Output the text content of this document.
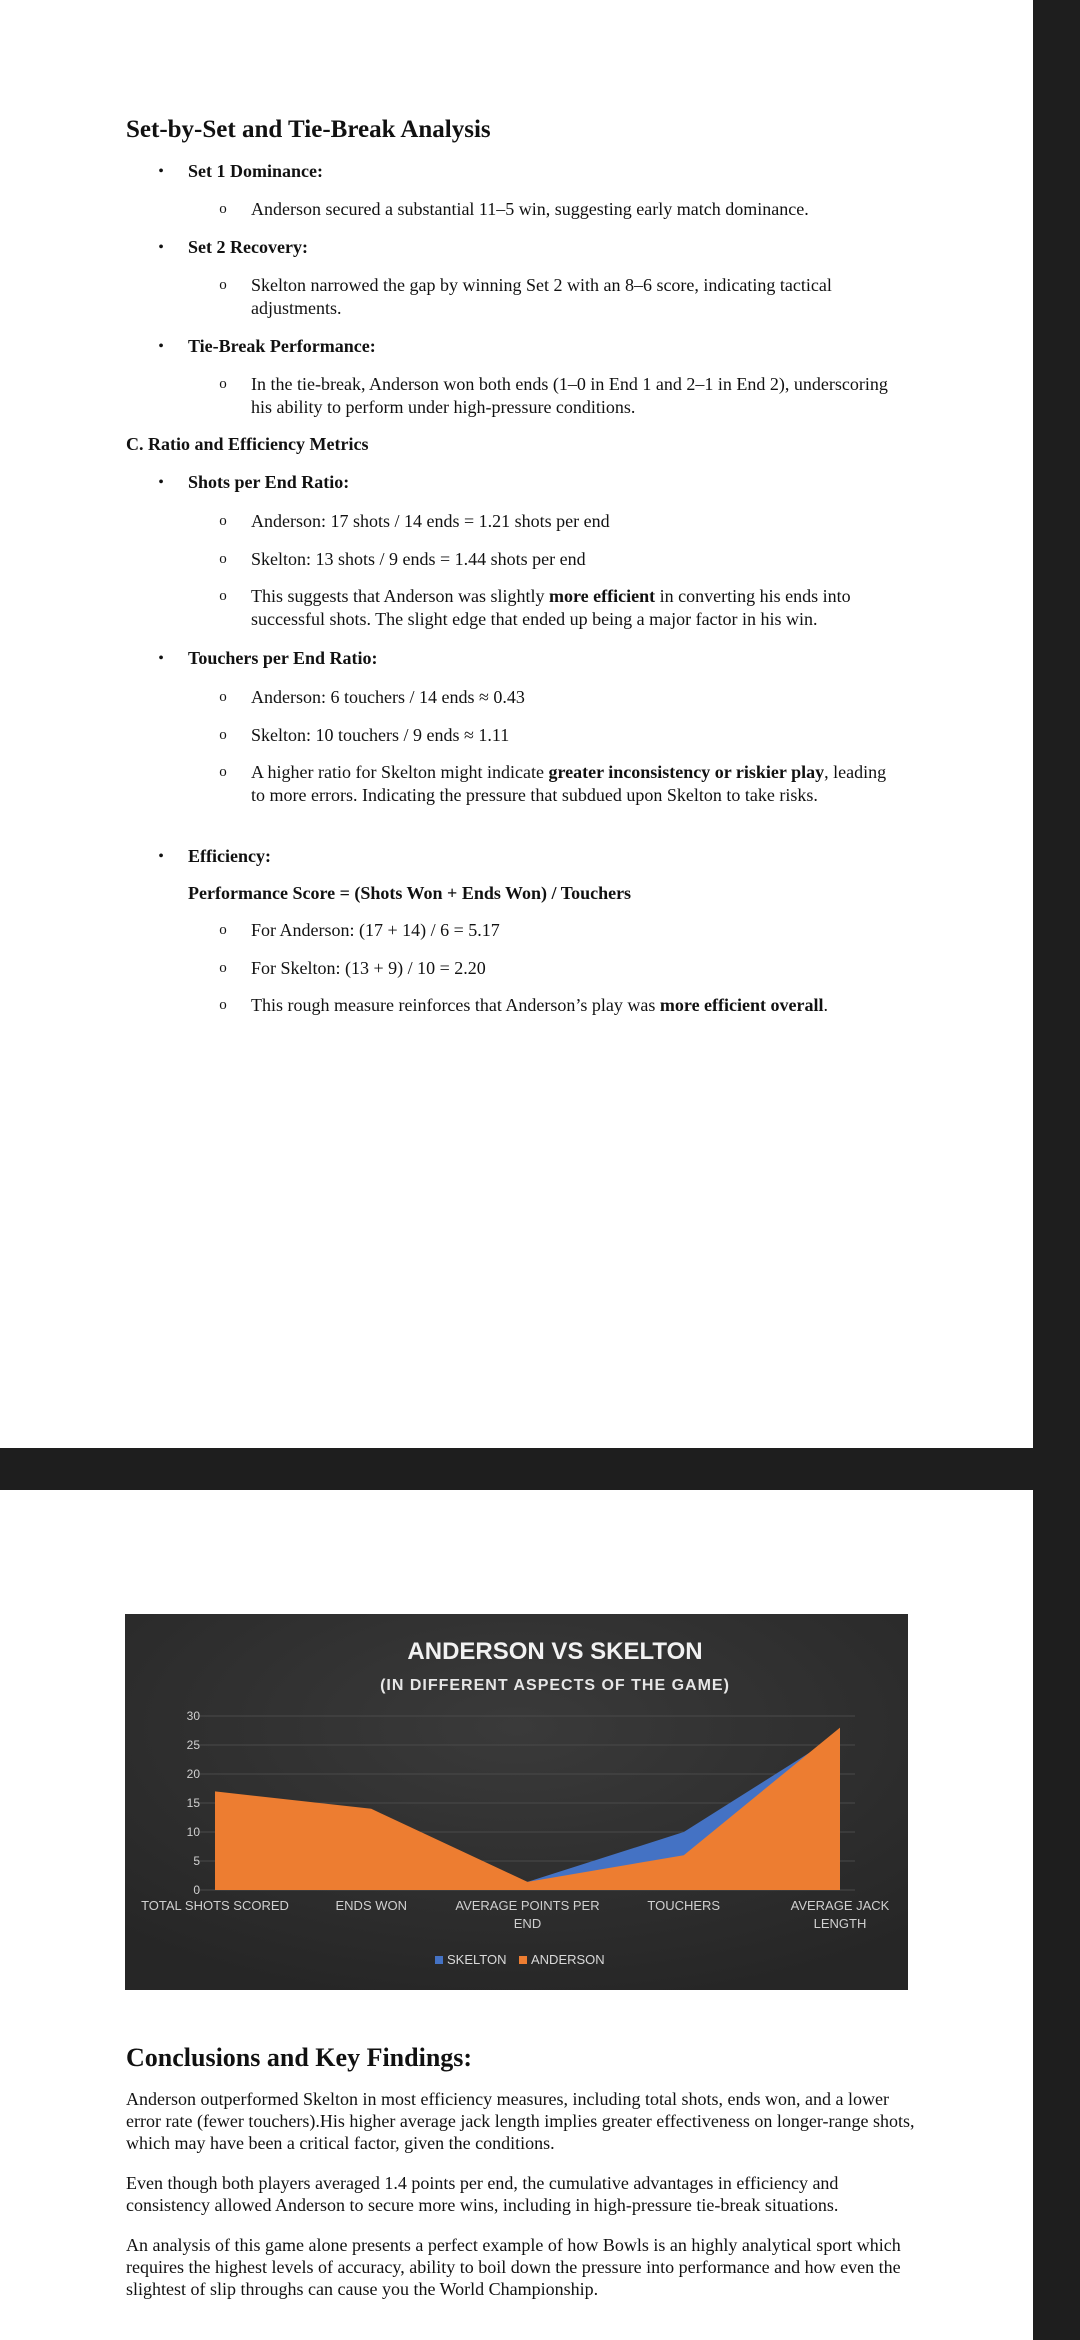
Set-by-Set and Tie-Break Analysis
• Set 1 Dominance:
o Anderson secured a substantial 11–5 win, suggesting early match dominance.
• Set 2 Recovery:
o Skelton narrowed the gap by winning Set 2 with an 8–6 score, indicating tactical adjustments.
• Tie-Break Performance:
o In the tie-break, Anderson won both ends (1–0 in End 1 and 2–1 in End 2), underscoring his ability to perform under high-pressure conditions.
C. Ratio and Efficiency Metrics
• Shots per End Ratio:
o Anderson: 17 shots / 14 ends = 1.21 shots per end
o Skelton: 13 shots / 9 ends = 1.44 shots per end
o This suggests that Anderson was slightly more efficient in converting his ends into successful shots. The slight edge that ended up being a major factor in his win.
• Touchers per End Ratio:
o Anderson: 6 touchers / 14 ends ≈ 0.43
o Skelton: 10 touchers / 9 ends ≈ 1.11
o A higher ratio for Skelton might indicate greater inconsistency or riskier play, leading to more errors. Indicating the pressure that subdued upon Skelton to take risks.
• Efficiency:
Performance Score = (Shots Won + Ends Won) / Touchers
o For Anderson: (17 + 14) / 6 = 5.17
o For Skelton: (13 + 9) / 10 = 2.20
o This rough measure reinforces that Anderson’s play was more efficient overall.
ANDERSON VS SKELTON
(IN DIFFERENT ASPECTS OF THE GAME)
0
5
10
15
20
25
30
TOTAL SHOTS SCORED	ENDS WON	AVERAGE POINTS PER
END
TOUCHERS	AVERAGE JACK
LENGTH
SKELTON ANDERSON
Conclusions and Key Findings:

Anderson outperformed Skelton in most efficiency measures, including total shots, ends won, and a lower error rate (fewer touchers).His higher average jack length implies greater effectiveness on longer-range shots, which may have been a critical factor, given the conditions.

Even though both players averaged 1.4 points per end, the cumulative advantages in efficiency and consistency allowed Anderson to secure more wins, including in high-pressure tie-break situations.

An analysis of this game alone presents a perfect example of how Bowls is an highly analytical sport which requires the highest levels of accuracy, ability to boil down the pressure into performance and how even the slightest of slip throughs can cause you the World Championship.
